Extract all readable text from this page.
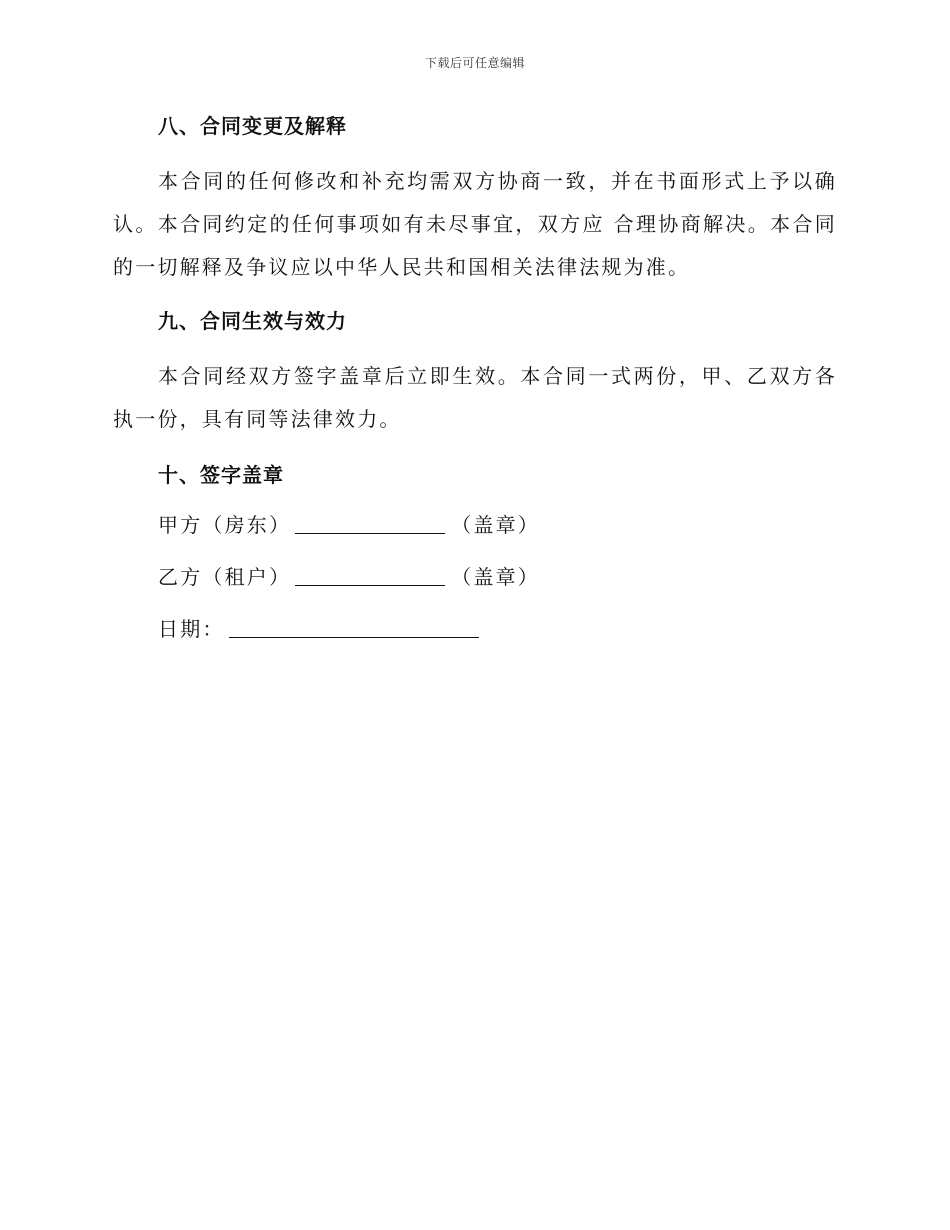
下载后可任意编辑
八、合同变更及解释

本合同的任何修改和补充均需双方协商一致，并在书面形式上予以确认。本合同约定的任何事项如有未尽事宜，双方应 合理协商解决。本合同的一切解释及争议应以中华人民共和国相关法律法规为准。

九、合同生效与效力

本合同经双方签字盖章后立即生效。本合同一式两份，甲、乙双方各执一份，具有同等法律效力。

十、签字盖章
甲方（房东）	（盖章）
乙方（租户）	（盖章）
日期：
